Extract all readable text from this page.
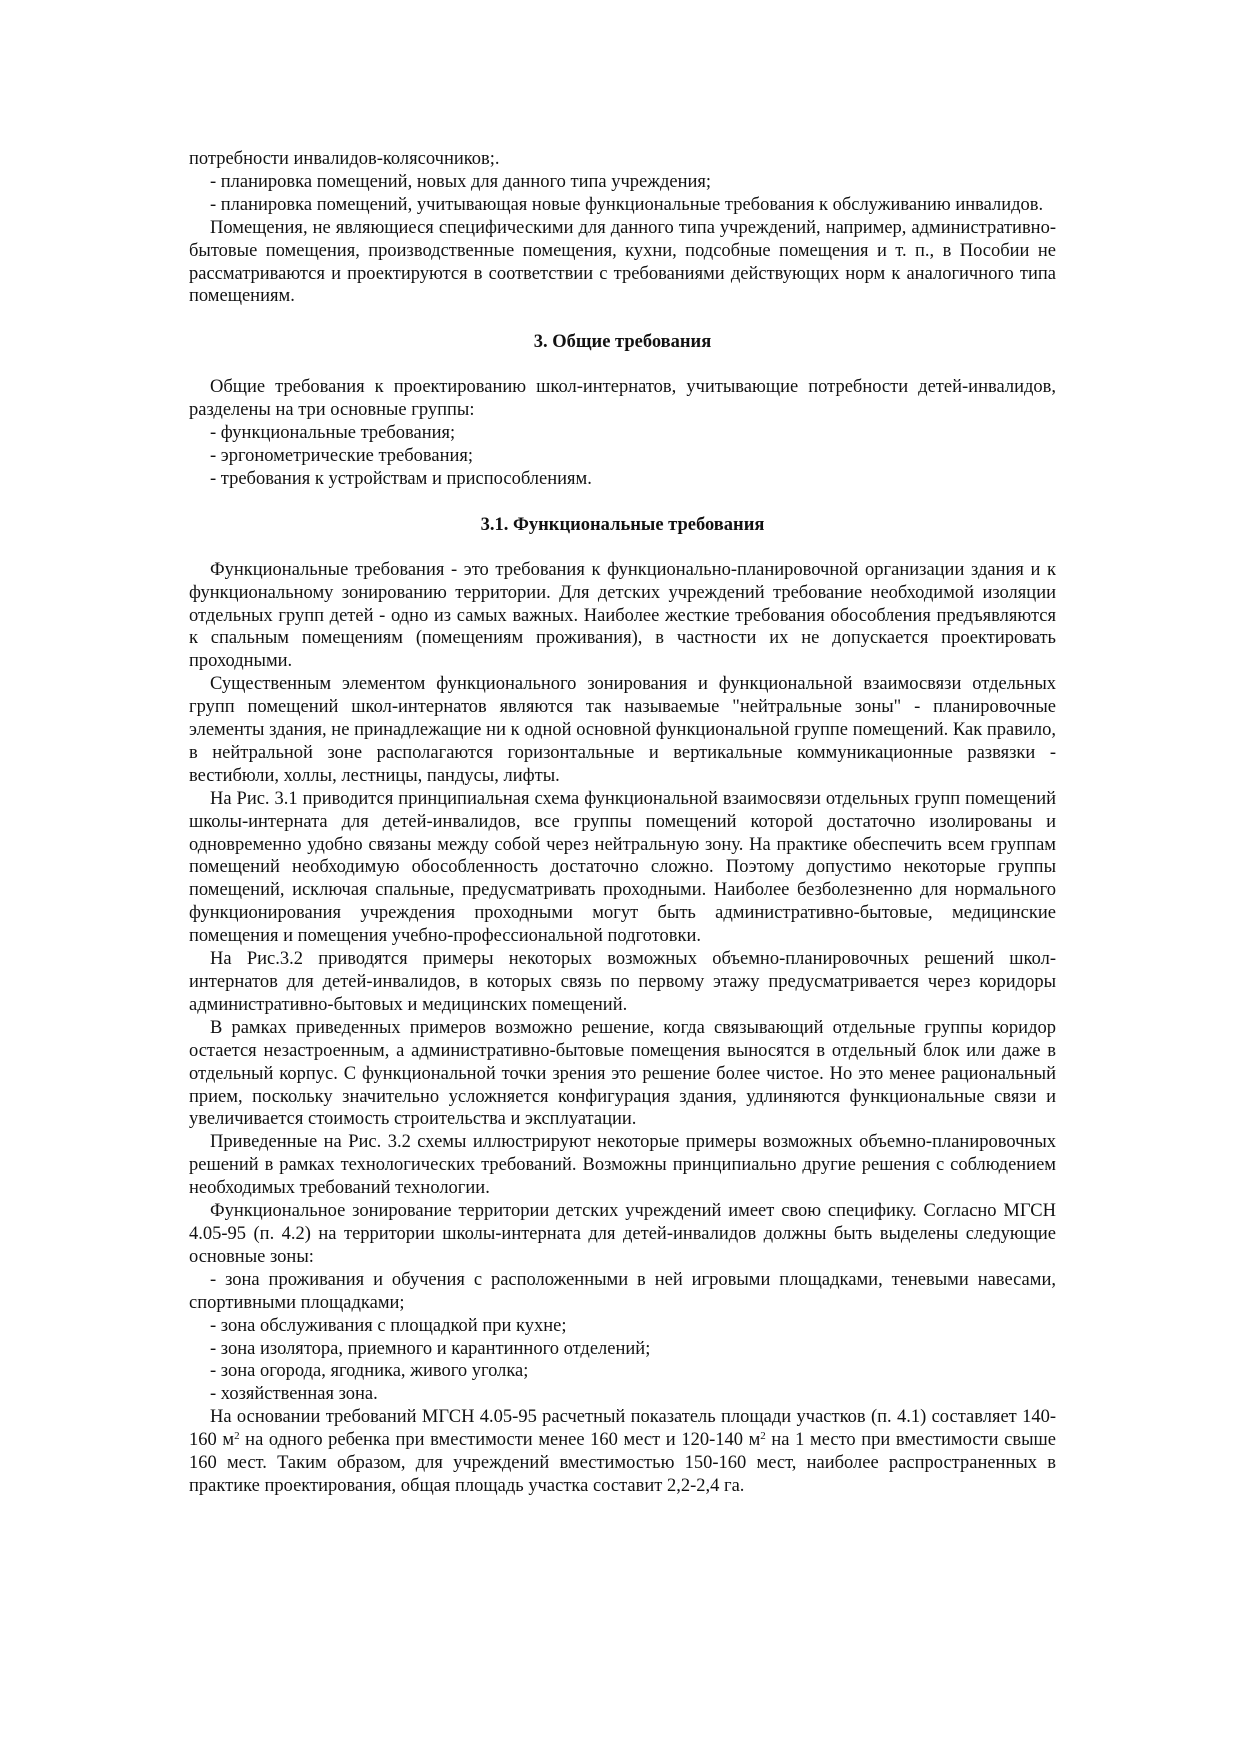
потребности инвалидов-колясочников;.

- планировка помещений, новых для данного типа учреждения;

- планировка помещений, учитывающая новые функциональные требования к обслуживанию инвалидов.

Помещения, не являющиеся специфическими для данного типа учреждений, например, административно-бытовые помещения, производственные помещения, кухни, подсобные помещения и т. п., в Пособии не рассматриваются и проектируются в соответствии с требованиями действующих норм к аналогичного типа помещениям.

3. Общие требования

Общие требования к проектированию школ-интернатов, учитывающие потребности детей-инвалидов, разделены на три основные группы:

- функциональные требования;

- эргонометрические требования;

- требования к устройствам и приспособлениям.

3.1. Функциональные требования

Функциональные требования - это требования к функционально-планировочной организации здания и к функциональному зонированию территории. Для детских учреждений требование необходимой изоляции отдельных групп детей - одно из самых важных. Наиболее жесткие требования обособления предъявляются к спальным помещениям (помещениям проживания), в частности их не допускается проектировать проходными.

Существенным элементом функционального зонирования и функциональной взаимосвязи отдельных групп помещений школ-интернатов являются так называемые "нейтральные зоны" - планировочные элементы здания, не принадлежащие ни к одной основной функциональной группе помещений. Как правило, в нейтральной зоне располагаются горизонтальные и вертикальные коммуникационные развязки - вестибюли, холлы, лестницы, пандусы, лифты.

На Рис. 3.1 приводится принципиальная схема функциональной взаимосвязи отдельных групп помещений школы-интерната для детей-инвалидов, все группы помещений которой достаточно изолированы и одновременно удобно связаны между собой через нейтральную зону. На практике обеспечить всем группам помещений необходимую обособленность достаточно сложно. Поэтому допустимо некоторые группы помещений, исключая спальные, предусматривать проходными. Наиболее безболезненно для нормального функционирования учреждения проходными могут быть административно-бытовые, медицинские помещения и помещения учебно-профессиональной подготовки.

На Рис.3.2 приводятся примеры некоторых возможных объемно-планировочных решений школ-интернатов для детей-инвалидов, в которых связь по первому этажу предусматривается через коридоры административно-бытовых и медицинских помещений.

В рамках приведенных примеров возможно решение, когда связывающий отдельные группы коридор остается незастроенным, а административно-бытовые помещения выносятся в отдельный блок или даже в отдельный корпус. С функциональной точки зрения это решение более чистое. Но это менее рациональный прием, поскольку значительно усложняется конфигурация здания, удлиняются функциональные связи и увеличивается стоимость строительства и эксплуатации.

Приведенные на Рис. 3.2 схемы иллюстрируют некоторые примеры возможных объемно-планировочных решений в рамках технологических требований. Возможны принципиально другие решения с соблюдением необходимых требований технологии.

Функциональное зонирование территории детских учреждений имеет свою специфику. Согласно МГСН 4.05-95 (п. 4.2) на территории школы-интерната для детей-инвалидов должны быть выделены следующие основные зоны:

- зона проживания и обучения с расположенными в ней игровыми площадками, теневыми навесами, спортивными площадками;

- зона обслуживания с площадкой при кухне;

- зона изолятора, приемного и карантинного отделений;

- зона огорода, ягодника, живого уголка;

- хозяйственная зона.

На основании требований МГСН 4.05-95 расчетный показатель площади участков (п. 4.1) составляет 140-160 $м^2$ на одного ребенка при вместимости менее 160 мест и 120-140 $м^2$ на 1 место при вместимости свыше 160 мест. Таким образом, для учреждений вместимостью 150-160 мест, наиболее распространенных в практике проектирования, общая площадь участка составит 2,2-2,4 га.
